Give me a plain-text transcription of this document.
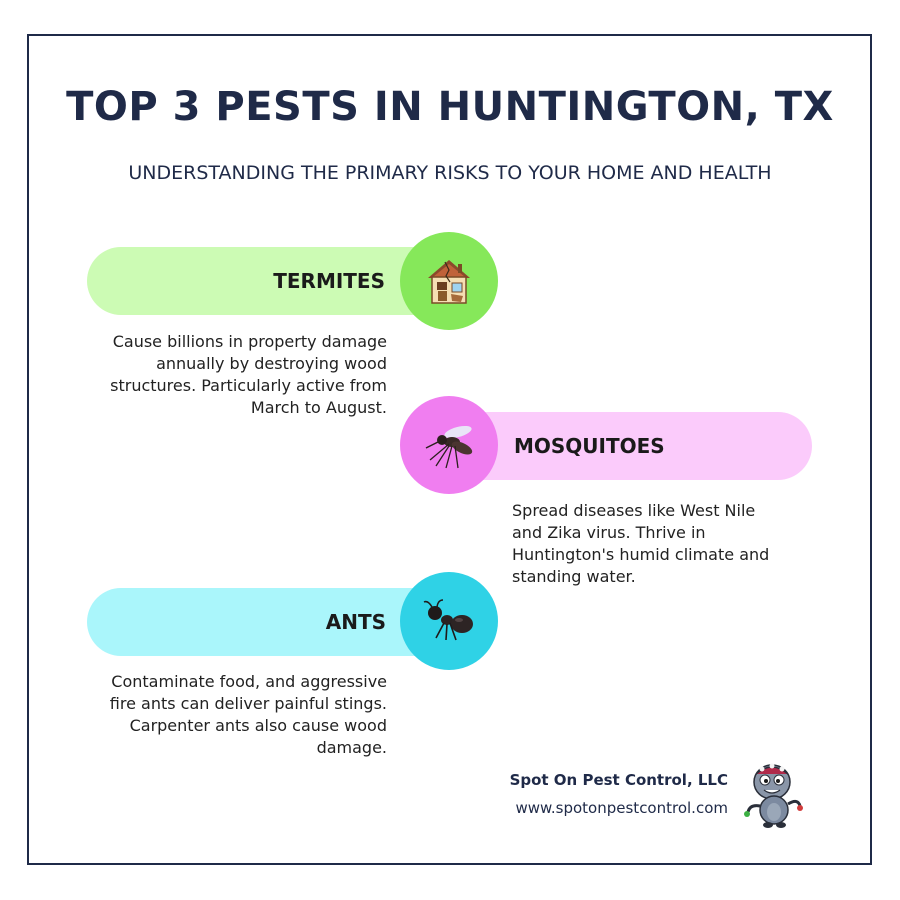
TOP 3 PESTS IN HUNTINGTON, TX
UNDERSTANDING THE PRIMARY RISKS TO YOUR HOME AND HEALTH
TERMITES
Cause billions in property damage annually by destroying wood structures. Particularly active from March to August.
MOSQUITOES
Spread diseases like West Nile and Zika virus. Thrive in Huntington's humid climate and standing water.
ANTS
Contaminate food, and aggressive fire ants can deliver painful stings. Carpenter ants also cause wood damage.
Spot On Pest Control, LLC
www.spotonpestcontrol.com
